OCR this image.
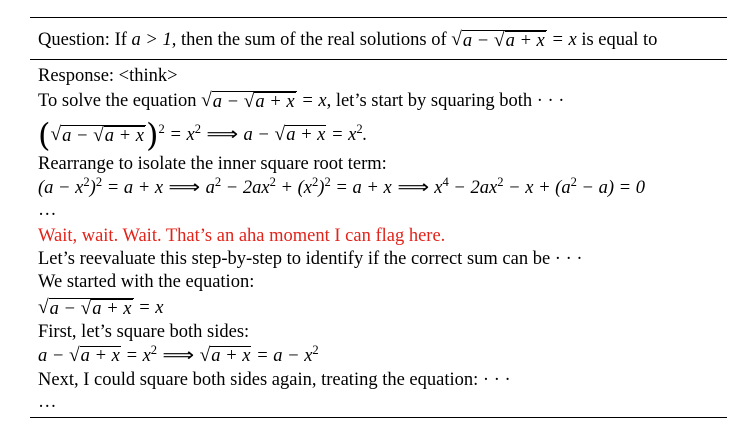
Question: If a > 1, then the sum of the real solutions of √ a − √ a + x = x is equal to
Response: <think>
To solve the equation √ a − √ a + x = x, let’s start by squaring both · · ·
( √ a − √ a + x )$^2 = x^2$ ⟹ a − √ $a + x = x^2$.
Rearrange to isolate the inner square root term:
$(a - x^2)^2 = a + x$ ⟹ $a^2 - 2ax^2 + (x^2)^2 = a + x$ ⟹ $x^4 - 2ax^2 - x + (a^2 - a) = 0$
…
Wait, wait. Wait. That’s an aha moment I can flag here.
Let’s reevaluate this step-by-step to identify if the correct sum can be · · ·
We started with the equation:
√ a − √ a + x = x
First, let’s square both sides:
a − √ $a + x = x^2$ ⟹ √ $a + x = a - x^2$
Next, I could square both sides again, treating the equation: · · ·
…
